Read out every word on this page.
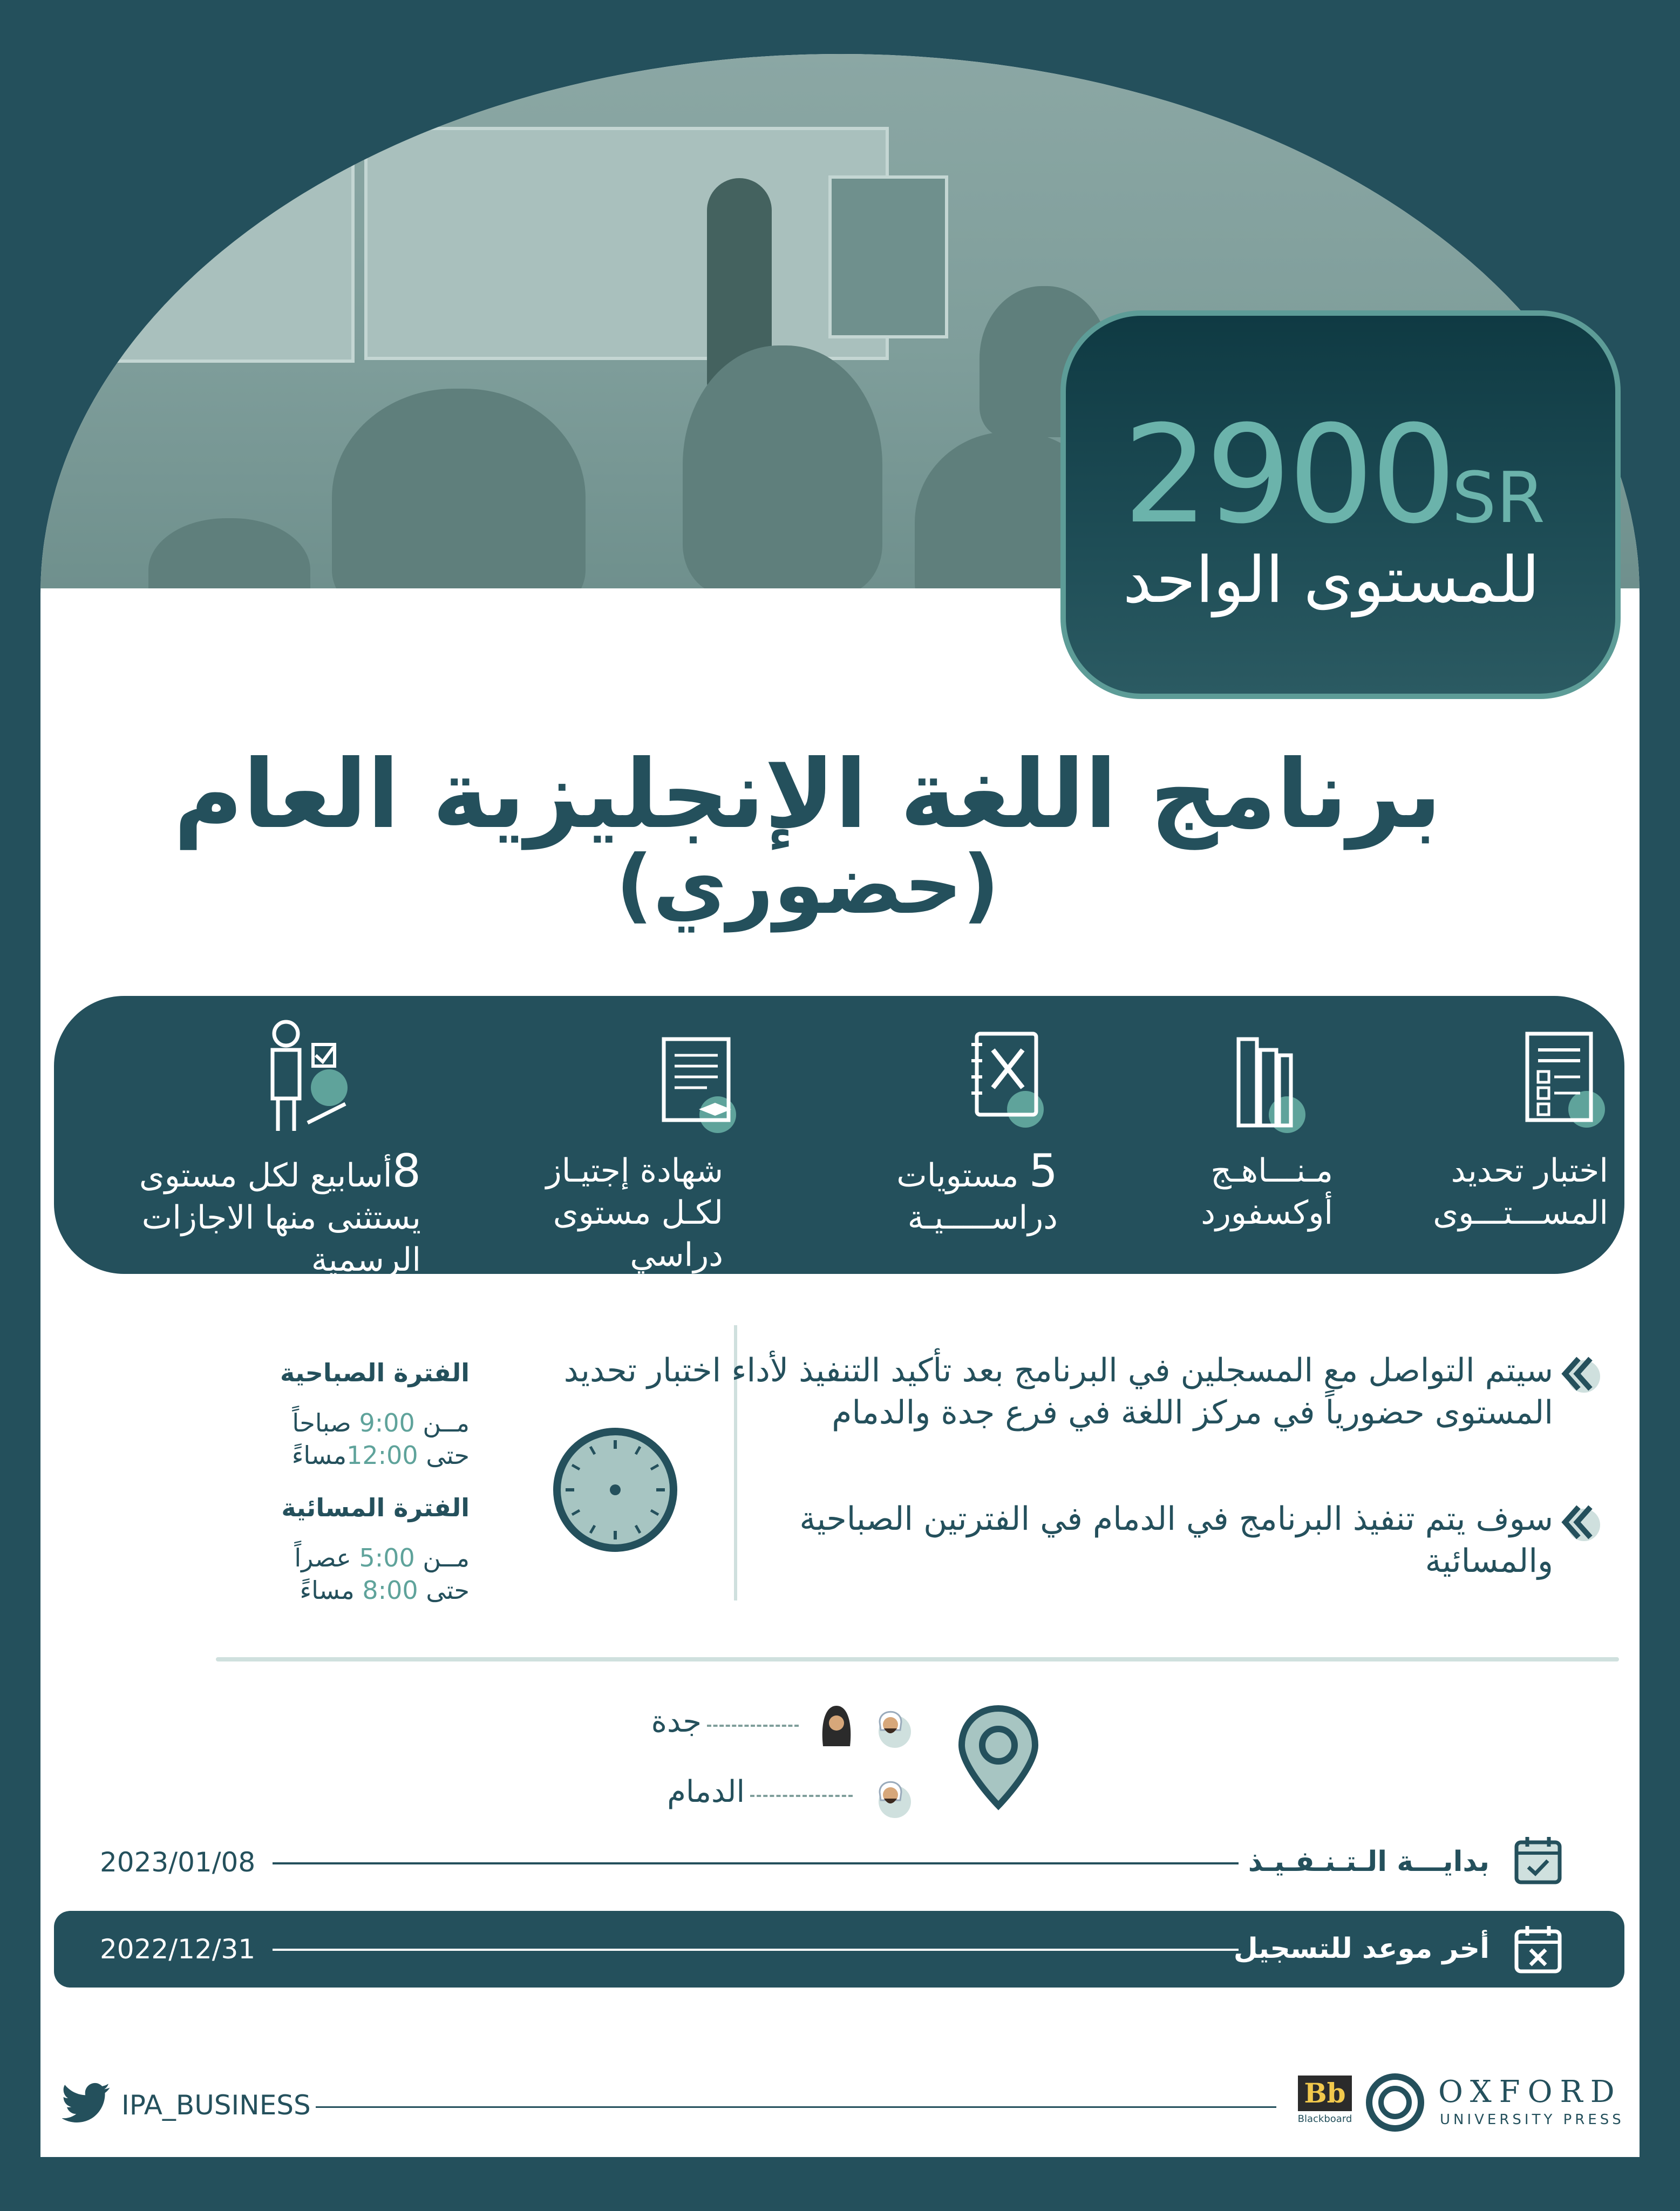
SR
2900
للمستوى الواحد
برنامج اللغة الإنجليزية العام
(حضوري)
اختبار تحديد
المســـتـــوى
مـنـــاهـج
أوكسفورد
5 مستويات
دراســـــيـة
شهادة إجتيـاز
لكـل مستوى
دراسي
8أسابيع لكل مستوى
يستثنى منها الاجازات
الرسمية
سيتم التواصل مع المسجلين في البرنامج بعد تأكيد التنفيذ لأداء اختبار تحديد المستوى حضورياً في مركز اللغة في فرع جدة والدمام
سوف يتم تنفيذ البرنامج في الدمام في الفترتين الصباحية والمسائية
الفترة الصباحية
مــن 9:00 صباحاً
حتى 12:00مساءً
الفترة المسائية
مــن 5:00 عصراً
حتى 8:00 مساءً
جدة
الدمام
2023/01/08	بدايـــة الـتـنـفـيـذ
2022/12/31	أخر موعد للتسجيل
IPA_BUSINESS	Bb
Blackboard
OXFORD
UNIVERSITY PRESS
